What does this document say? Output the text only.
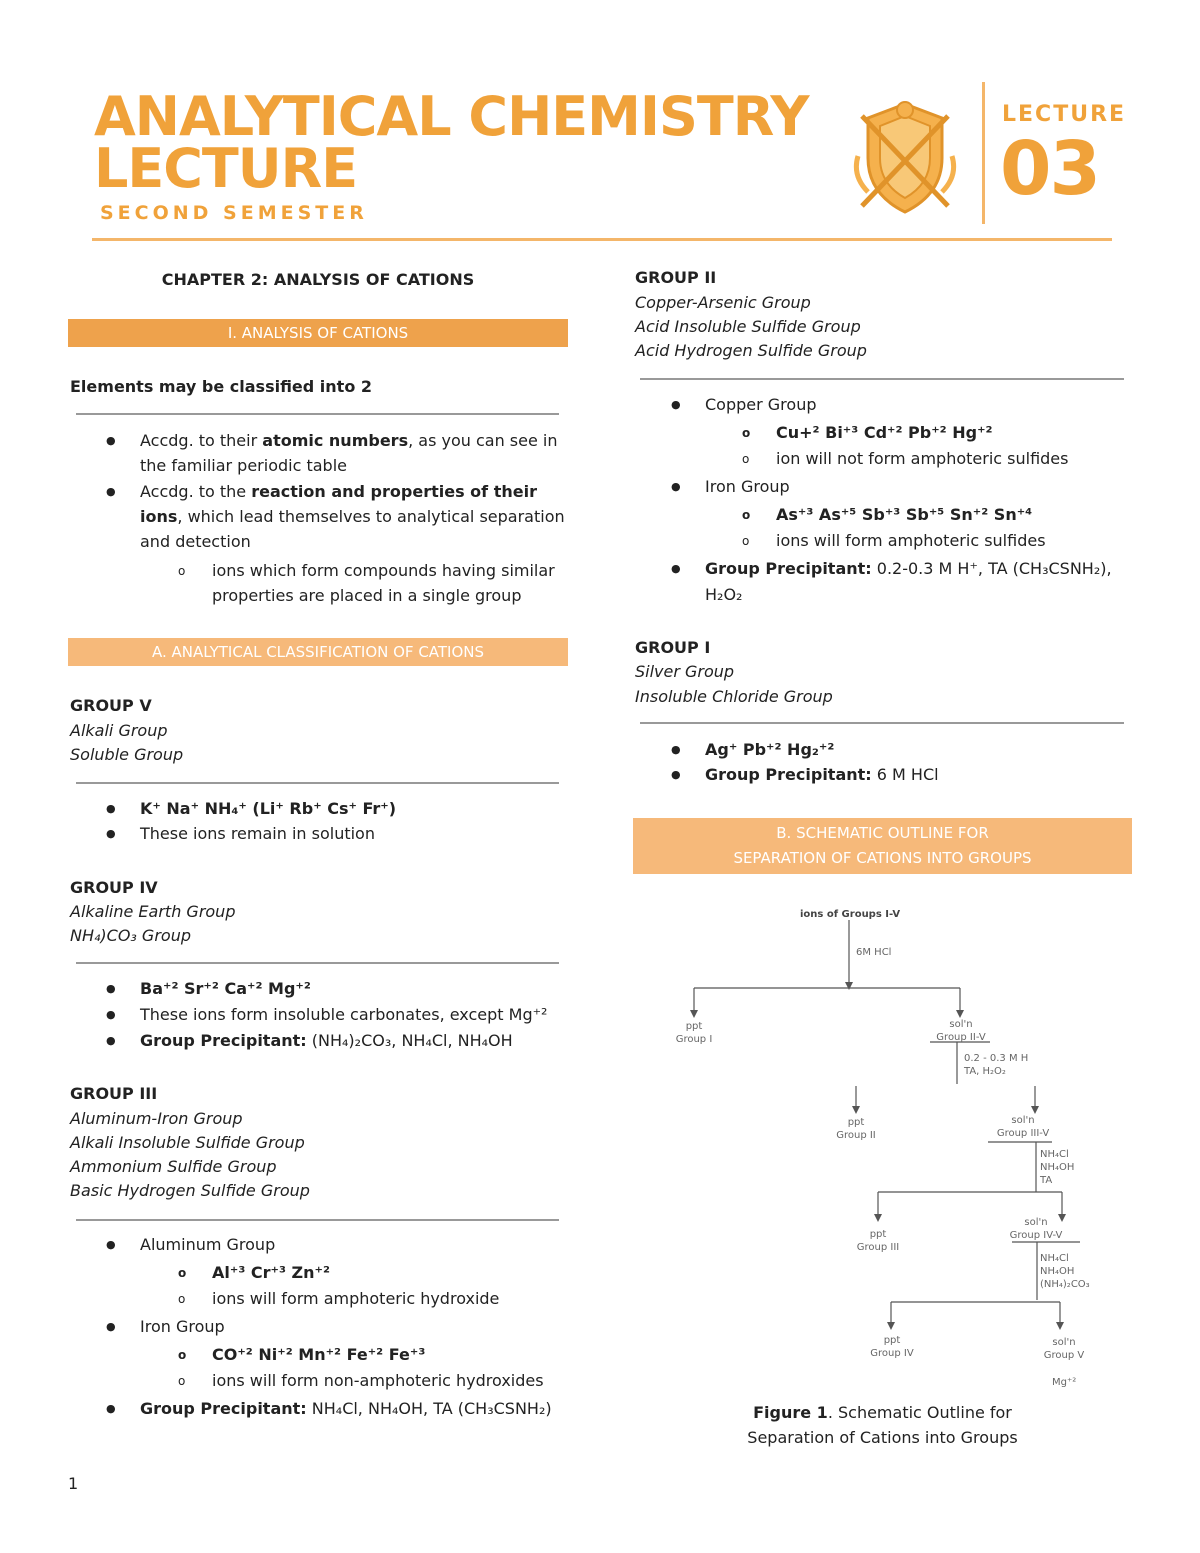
ANALYTICAL CHEMISTRY
LECTURE
SECOND SEMESTER
LECTURE
03
CHAPTER 2: ANALYSIS OF CATIONS
I. ANALYSIS OF CATIONS
Elements may be classified into 2
● Accdg. to their atomic numbers, as you can see in
the familiar periodic table
● Accdg. to the reaction and properties of their
ions, which lead themselves to analytical separation
and detection
o ions which form compounds having similar
properties are placed in a single group
A. ANALYTICAL CLASSIFICATION OF CATIONS
GROUP V
Alkali Group
Soluble Group
● K⁺ Na⁺ NH₄⁺ (Li⁺ Rb⁺ Cs⁺ Fr⁺)
● These ions remain in solution
GROUP IV
Alkaline Earth Group
NH₄)CO₃ Group
● Ba⁺² Sr⁺² Ca⁺² Mg⁺²
● These ions form insoluble carbonates, except Mg⁺²
● Group Precipitant: (NH₄)₂CO₃, NH₄Cl, NH₄OH
GROUP III
Aluminum-Iron Group
Alkali Insoluble Sulfide Group
Ammonium Sulfide Group
Basic Hydrogen Sulfide Group
● Aluminum Group
o Al⁺³ Cr⁺³ Zn⁺²
o ions will form amphoteric hydroxide
● Iron Group
o CO⁺² Ni⁺² Mn⁺² Fe⁺² Fe⁺³
o ions will form non-amphoteric hydroxides
● Group Precipitant: NH₄Cl, NH₄OH, TA (CH₃CSNH₂)
1
GROUP II
Copper-Arsenic Group
Acid Insoluble Sulfide Group
Acid Hydrogen Sulfide Group
● Copper Group
o Cu+² Bi⁺³ Cd⁺² Pb⁺² Hg⁺²
o ion will not form amphoteric sulfides
● Iron Group
o As⁺³ As⁺⁵ Sb⁺³ Sb⁺⁵ Sn⁺² Sn⁺⁴
o ions will form amphoteric sulfides
● Group Precipitant: 0.2-0.3 M H⁺, TA (CH₃CSNH₂),
H₂O₂
GROUP I
Silver Group
Insoluble Chloride Group
● Ag⁺ Pb⁺² Hg₂⁺²
● Group Precipitant: 6 M HCl
B. SCHEMATIC OUTLINE FOR
SEPARATION OF CATIONS INTO GROUPS
ions of Groups I-V
6M HCl
ppt
Group I
sol'n
Group II-V
0.2 - 0.3 M H
TA, H₂O₂
ppt
Group II
sol'n
Group III-V
NH₄Cl
NH₄OH
TA
ppt
Group III
sol'n
Group IV-V
NH₄Cl
NH₄OH
(NH₄)₂CO₃
ppt
Group IV
sol'n
Group V
Mg⁺²
Figure 1. Schematic Outline for
Separation of Cations into Groups
